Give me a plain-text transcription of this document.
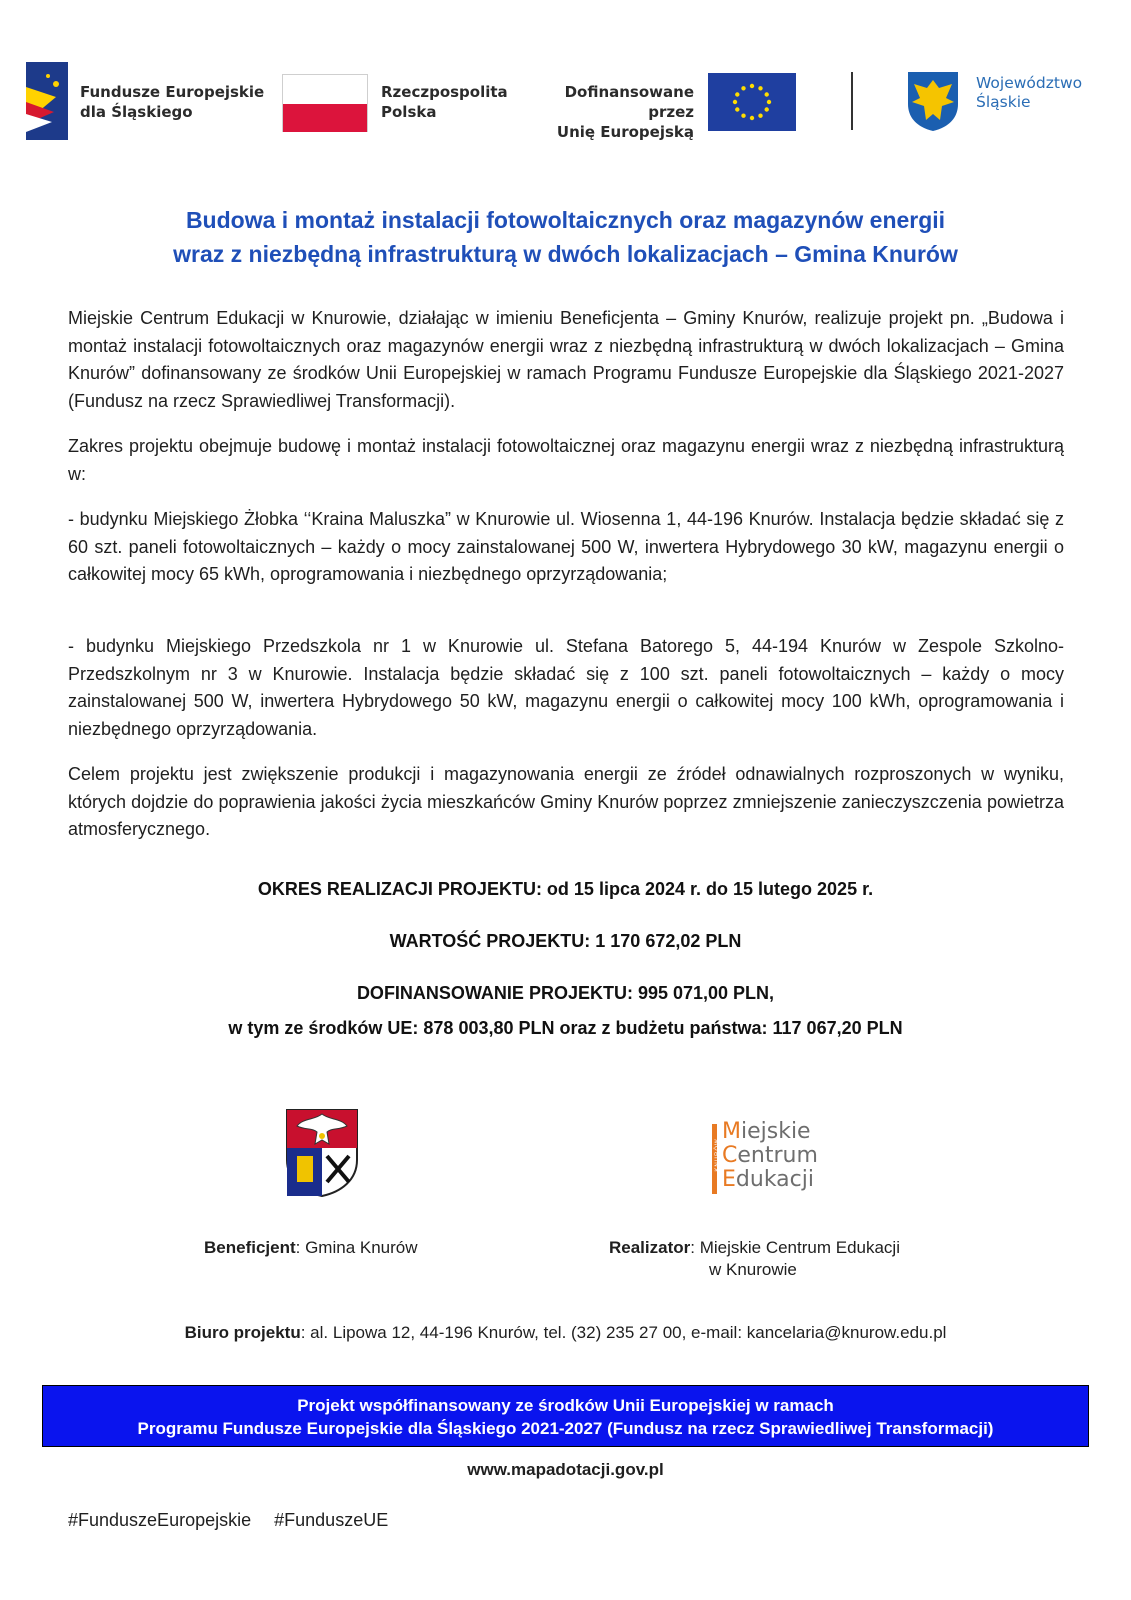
Fundusze Europejskie
dla Śląskiego
Rzeczpospolita
Polska
Dofinansowane przez
Unię Europejską
Województwo
Śląskie
Budowa i montaż instalacji fotowoltaicznych oraz magazynów energii
wraz z niezbędną infrastrukturą w dwóch lokalizacjach – Gmina Knurów
Miejskie Centrum Edukacji w Knurowie, działając w imieniu Beneficjenta – Gminy Knurów, realizuje projekt pn. „Budowa i montaż instalacji fotowoltaicznych oraz magazynów energii wraz z niezbędną infrastrukturą w dwóch lokalizacjach – Gmina Knurów” dofinansowany ze środków Unii Europejskiej w ramach Programu Fundusze Europejskie dla Śląskiego 2021-2027 (Fundusz na rzecz Sprawiedliwej Transformacji).
Zakres projektu obejmuje budowę i montaż instalacji fotowoltaicznej oraz magazynu energii wraz z niezbędną infrastrukturą w:
- budynku Miejskiego Żłobka ‘‘Kraina Maluszka” w Knurowie ul. Wiosenna 1, 44-196 Knurów. Instalacja będzie składać się z 60 szt. paneli fotowoltaicznych – każdy o mocy zainstalowanej 500 W, inwertera Hybrydowego 30 kW, magazynu energii o całkowitej mocy 65 kWh, oprogramowania i niezbędnego oprzyrządowania;
- budynku Miejskiego Przedszkola nr 1 w Knurowie ul. Stefana Batorego 5, 44-194 Knurów w Zespole Szkolno-Przedszkolnym nr 3 w Knurowie. Instalacja będzie składać się z 100 szt. paneli fotowoltaicznych – każdy o mocy zainstalowanej 500 W, inwertera Hybrydowego 50 kW, magazynu energii o całkowitej mocy 100 kWh, oprogramowania i niezbędnego oprzyrządowania.
Celem projektu jest zwiększenie produkcji i magazynowania energii ze źródeł odnawialnych rozproszonych w wyniku, których dojdzie do poprawienia jakości życia mieszkańców Gminy Knurów poprzez zmniejszenie zanieczyszczenia powietrza atmosferycznego.
OKRES REALIZACJI PROJEKTU: od 15 lipca 2024 r. do 15 lutego 2025 r.
WARTOŚĆ PROJEKTU: 1 170 672,02 PLN
DOFINANSOWANIE PROJEKTU: 995 071,00 PLN,
w tym ze środków UE: 878 003,80 PLN oraz z budżetu państwa: 117 067,20 PLN
KNURÓW
Miejskie
Centrum
Edukacji
Beneficjent: Gmina Knurów	Realizator: Miejskie Centrum Edukacji
w Knurowie
Biuro projektu: al. Lipowa 12, 44-196 Knurów, tel. (32) 235 27 00, e-mail: kancelaria@knurow.edu.pl
Projekt współfinansowany ze środków Unii Europejskiej w ramach
Programu Fundusze Europejskie dla Śląskiego 2021-2027 (Fundusz na rzecz Sprawiedliwej Transformacji)
www.mapadotacji.gov.pl
#FunduszeEuropejskie #FunduszeUE
